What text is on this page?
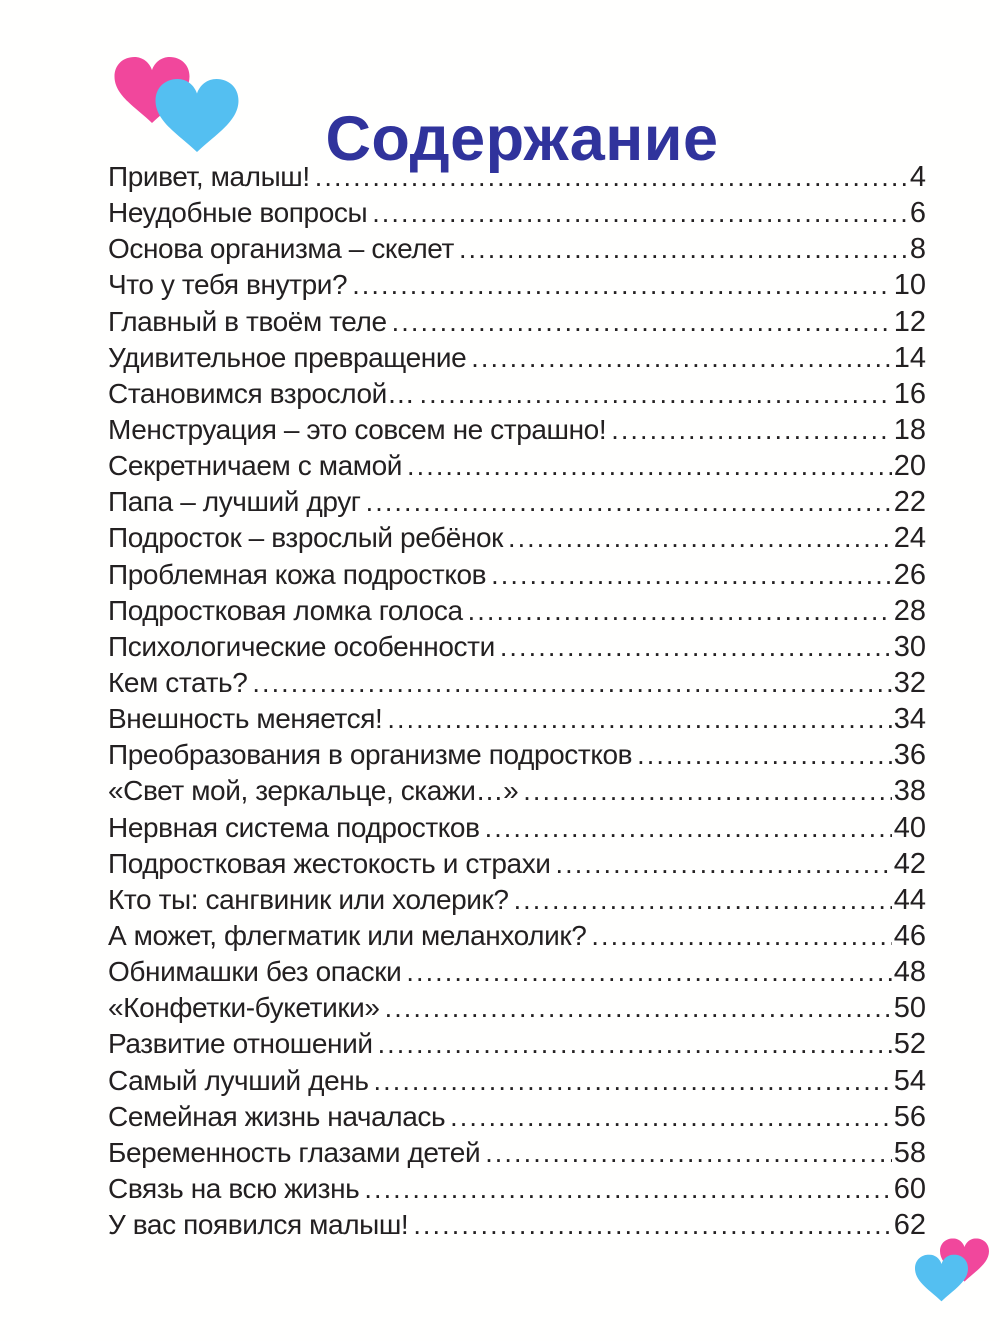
Содержание
Привет, малыш! .....	4
Неудобные вопросы .....	6
Основа организма – скелет .....	8
Что у тебя внутри? .....	10
Главный в твоём теле .....	12
Удивительное превращение .....	14
Становимся взрослой… .....	16
Менструация – это совсем не страшно! .....	18
Секретничаем с мамой .....	20
Папа – лучший друг .....	22
Подросток – взрослый ребёнок .....	24
Проблемная кожа подростков .....	26
Подростковая ломка голоса .....	28
Психологические особенности .....	30
Кем стать? .....	32
Внешность меняется! .....	34
Преобразования в организме подростков .....	36
«Свет мой, зеркальце, скажи…» .....	38
Нервная система подростков .....	40
Подростковая жестокость и страхи .....	42
Кто ты: сангвиник или холерик? .....	44
А может, флегматик или меланхолик? .....	46
Обнимашки без опаски .....	48
«Конфетки-букетики» .....	50
Развитие отношений .....	52
Самый лучший день .....	54
Семейная жизнь началась .....	56
Беременность глазами детей .....	58
Связь на всю жизнь .....	60
У вас появился малыш! .....	62
